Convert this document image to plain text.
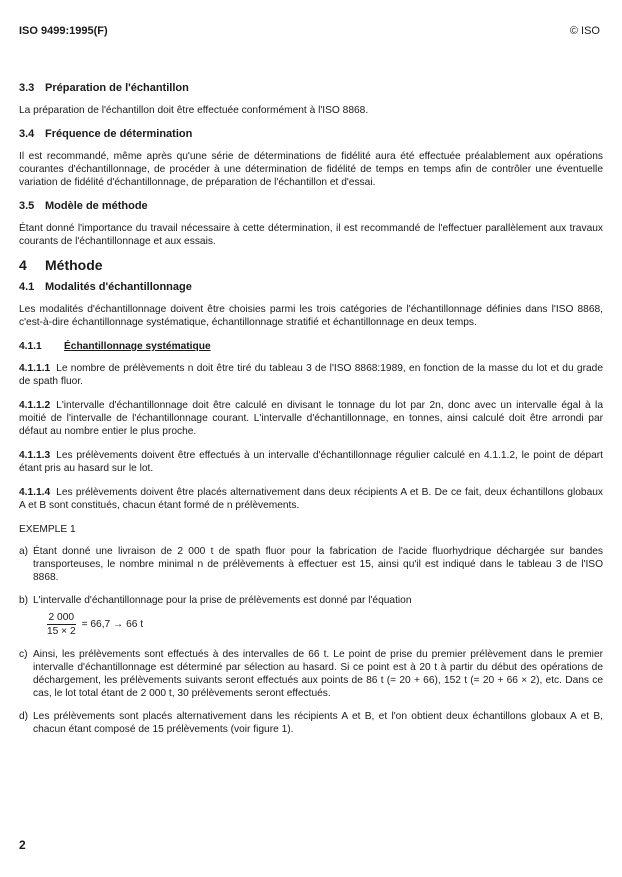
ISO 9499:1995(F)	© ISO
3.3 Préparation de l'échantillon

La préparation de l'échantillon doit être effectuée conformément à l'ISO 8868.

3.4 Fréquence de détermination

Il est recommandé, même après qu'une série de déterminations de fidélité aura été effectuée préalablement aux opérations courantes d'échantillonnage, de procéder à une détermination de fidélité de temps en temps afin de contrôler une éventuelle variation de fidélité d'échantillonnage, de préparation de l'échantillon et d'essai.

3.5 Modèle de méthode

Étant donné l'importance du travail nécessaire à cette détermination, il est recommandé de l'effectuer parallèlement aux travaux courants de l'échantillonnage et aux essais.

4 Méthode
4.1 Modalités d'échantillonnage

Les modalités d'échantillonnage doivent être choisies parmi les trois catégories de l'échantillonnage définies dans l'ISO 8868, c'est-à-dire échantillonnage systématique, échantillonnage stratifié et échantillonnage en deux temps.

4.1.1 Échantillonnage systématique

4.1.1.1 Le nombre de prélèvements n doit être tiré du tableau 3 de l'ISO 8868:1989, en fonction de la masse du lot et du grade de spath fluor.

4.1.1.2 L'intervalle d'échantillonnage doit être calculé en divisant le tonnage du lot par 2n, donc avec un intervalle égal à la moitié de l'intervalle de l'échantillonnage courant. L'intervalle d'échantillonnage, en tonnes, ainsi calculé doit être arrondi par défaut au nombre entier le plus proche.

4.1.1.3 Les prélèvements doivent être effectués à un intervalle d'échantillonnage régulier calculé en 4.1.1.2, le point de départ étant pris au hasard sur le lot.

4.1.1.4 Les prélèvements doivent être placés alternativement dans deux récipients A et B. De ce fait, deux échantillons globaux A et B sont constitués, chacun étant formé de n prélèvements.

EXEMPLE 1
a) Étant donné une livraison de 2 000 t de spath fluor pour la fabrication de l'acide fluorhydrique déchargée sur bandes transporteuses, le nombre minimal n de prélèvements à effectuer est 15, ainsi qu'il est indiqué dans le tableau 3 de l'ISO 8868.
b) L'intervalle d'échantillonnage pour la prise de prélèvements est donné par l'équation
$\frac{2 000}{15 \times 2} = 66,7 \to 66$ t
c) Ainsi, les prélèvements sont effectués à des intervalles de 66 t. Le point de prise du premier prélèvement dans le premier intervalle d'échantillonnage est déterminé par sélection au hasard. Si ce point est à 20 t à partir du début des opérations de déchargement, les prélèvements suivants seront effectués aux points de 86 t (= 20 + 66), 152 t (= 20 + 66 × 2), etc. Dans ce cas, le lot total étant de 2 000 t, 30 prélèvements seront effectués.
d) Les prélèvements sont placés alternativement dans les récipients A et B, et l'on obtient deux échantillons globaux A et B, chacun étant composé de 15 prélèvements (voir figure 1).
2
